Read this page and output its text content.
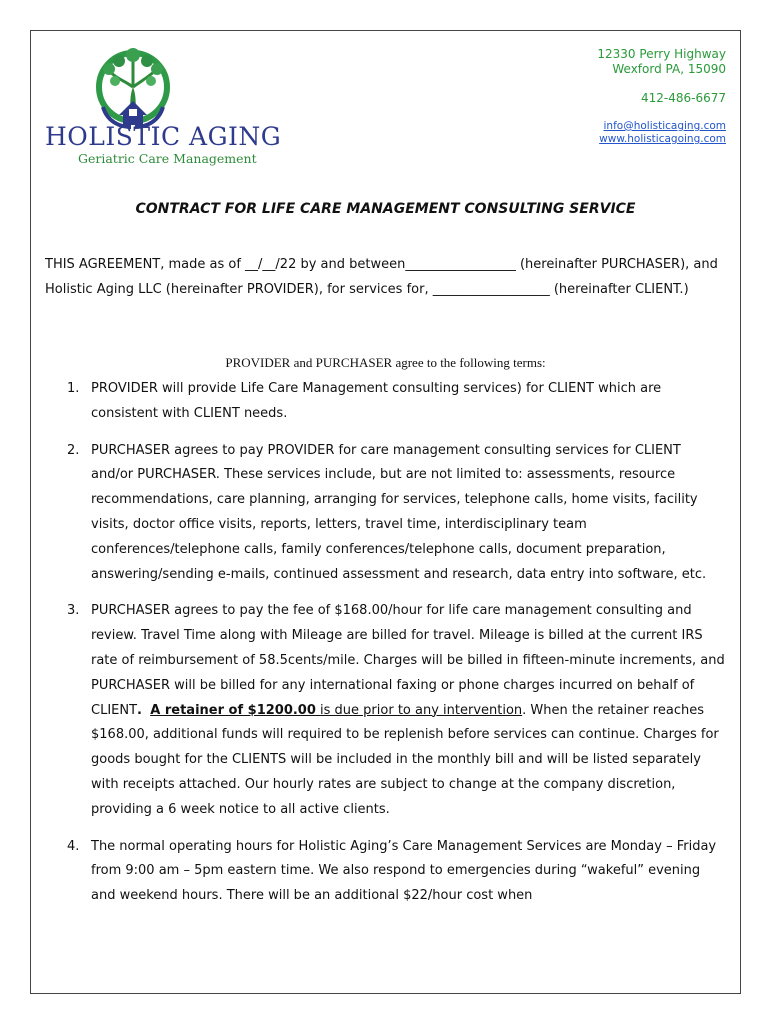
HOLISTIC AGING
Geriatric Care Management
12330 Perry Highway
Wexford PA, 15090
412-486-6677
info@holisticaging.com
www.holisticagoing.com
CONTRACT FOR LIFE CARE MANAGEMENT CONSULTING SERVICE
THIS AGREEMENT, made as of __/__/22 by and between_________________ (hereinafter PURCHASER), and Holistic Aging LLC (hereinafter PROVIDER), for services for, __________________ (hereinafter CLIENT.)
PROVIDER and PURCHASER agree to the following terms:
1. PROVIDER will provide Life Care Management consulting services) for CLIENT which are consistent with CLIENT needs.
2. PURCHASER agrees to pay PROVIDER for care management consulting services for CLIENT and/or PURCHASER. These services include, but are not limited to: assessments, resource recommendations, care planning, arranging for services, telephone calls, home visits, facility visits, doctor office visits, reports, letters, travel time, interdisciplinary team conferences/telephone calls, family conferences/telephone calls, document preparation, answering/sending e-mails, continued assessment and research, data entry into software, etc.
3. PURCHASER agrees to pay the fee of $168.00/hour for life care management consulting and review. Travel Time along with Mileage are billed for travel. Mileage is billed at the current IRS rate of reimbursement of 58.5cents/mile. Charges will be billed in fifteen-minute increments, and PURCHASER will be billed for any international faxing or phone charges incurred on behalf of CLIENT. A retainer of $1200.00 is due prior to any intervention. When the retainer reaches $168.00, additional funds will required to be replenish before services can continue. Charges for goods bought for the CLIENTS will be included in the monthly bill and will be listed separately with receipts attached. Our hourly rates are subject to change at the company discretion, providing a 6 week notice to all active clients.
4. The normal operating hours for Holistic Aging’s Care Management Services are Monday – Friday from 9:00 am – 5pm eastern time. We also respond to emergencies during “wakeful” evening and weekend hours. There will be an additional $22/hour cost when
